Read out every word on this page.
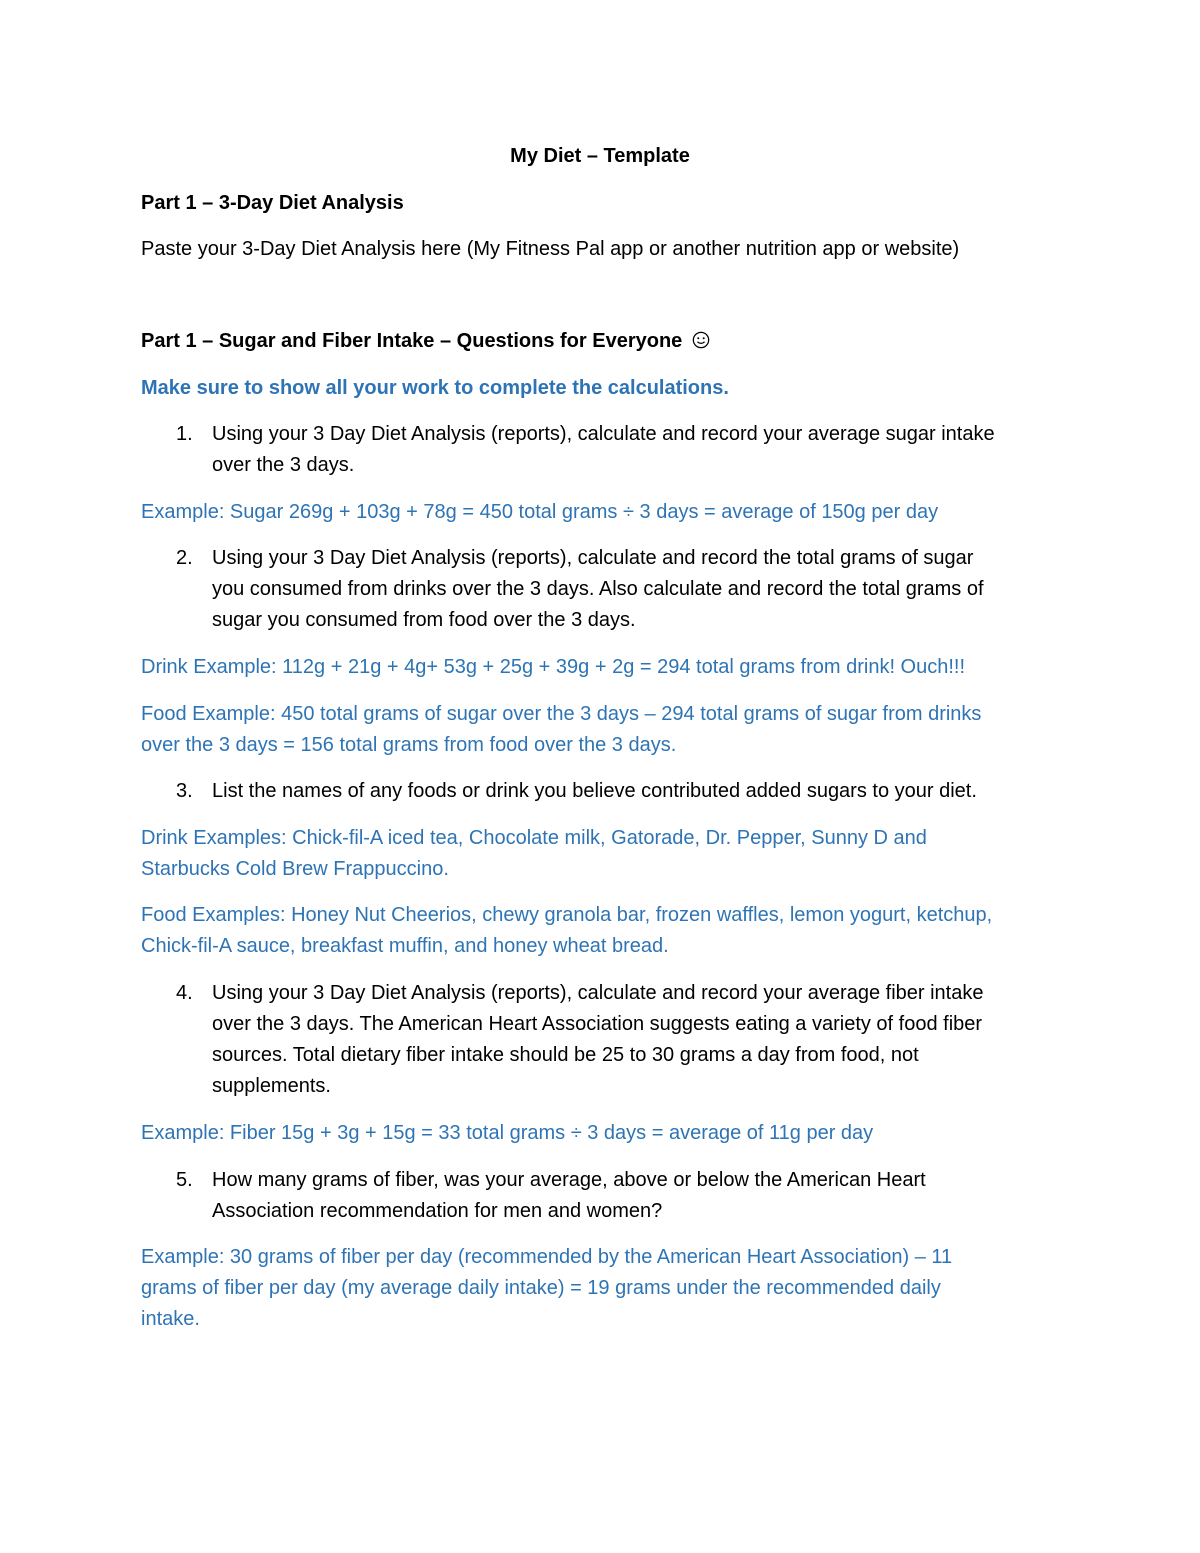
My Diet – Template

Part 1 – 3-Day Diet Analysis

Paste your 3-Day Diet Analysis here (My Fitness Pal app or another nutrition app or website)

Part 1 – Sugar and Fiber Intake – Questions for Everyone

Make sure to show all your work to complete the calculations.

1. Using your 3 Day Diet Analysis (reports), calculate and record your average sugar intake

over the 3 days.

Example: Sugar 269g + 103g + 78g = 450 total grams ÷ 3 days = average of 150g per day

2. Using your 3 Day Diet Analysis (reports), calculate and record the total grams of sugar

you consumed from drinks over the 3 days. Also calculate and record the total grams of

sugar you consumed from food over the 3 days.

Drink Example: 112g + 21g + 4g+ 53g + 25g + 39g + 2g = 294 total grams from drink! Ouch!!!

Food Example: 450 total grams of sugar over the 3 days – 294 total grams of sugar from drinks

over the 3 days = 156 total grams from food over the 3 days.

3. List the names of any foods or drink you believe contributed added sugars to your diet.

Drink Examples: Chick-fil-A iced tea, Chocolate milk, Gatorade, Dr. Pepper, Sunny D and

Starbucks Cold Brew Frappuccino.

Food Examples: Honey Nut Cheerios, chewy granola bar, frozen waffles, lemon yogurt, ketchup,

Chick-fil-A sauce, breakfast muffin, and honey wheat bread.

4. Using your 3 Day Diet Analysis (reports), calculate and record your average fiber intake

over the 3 days. The American Heart Association suggests eating a variety of food fiber

sources. Total dietary fiber intake should be 25 to 30 grams a day from food, not

supplements.

Example: Fiber 15g + 3g + 15g = 33 total grams ÷ 3 days = average of 11g per day

5. How many grams of fiber, was your average, above or below the American Heart

Association recommendation for men and women?

Example: 30 grams of fiber per day (recommended by the American Heart Association) – 11

grams of fiber per day (my average daily intake) = 19 grams under the recommended daily

intake.
